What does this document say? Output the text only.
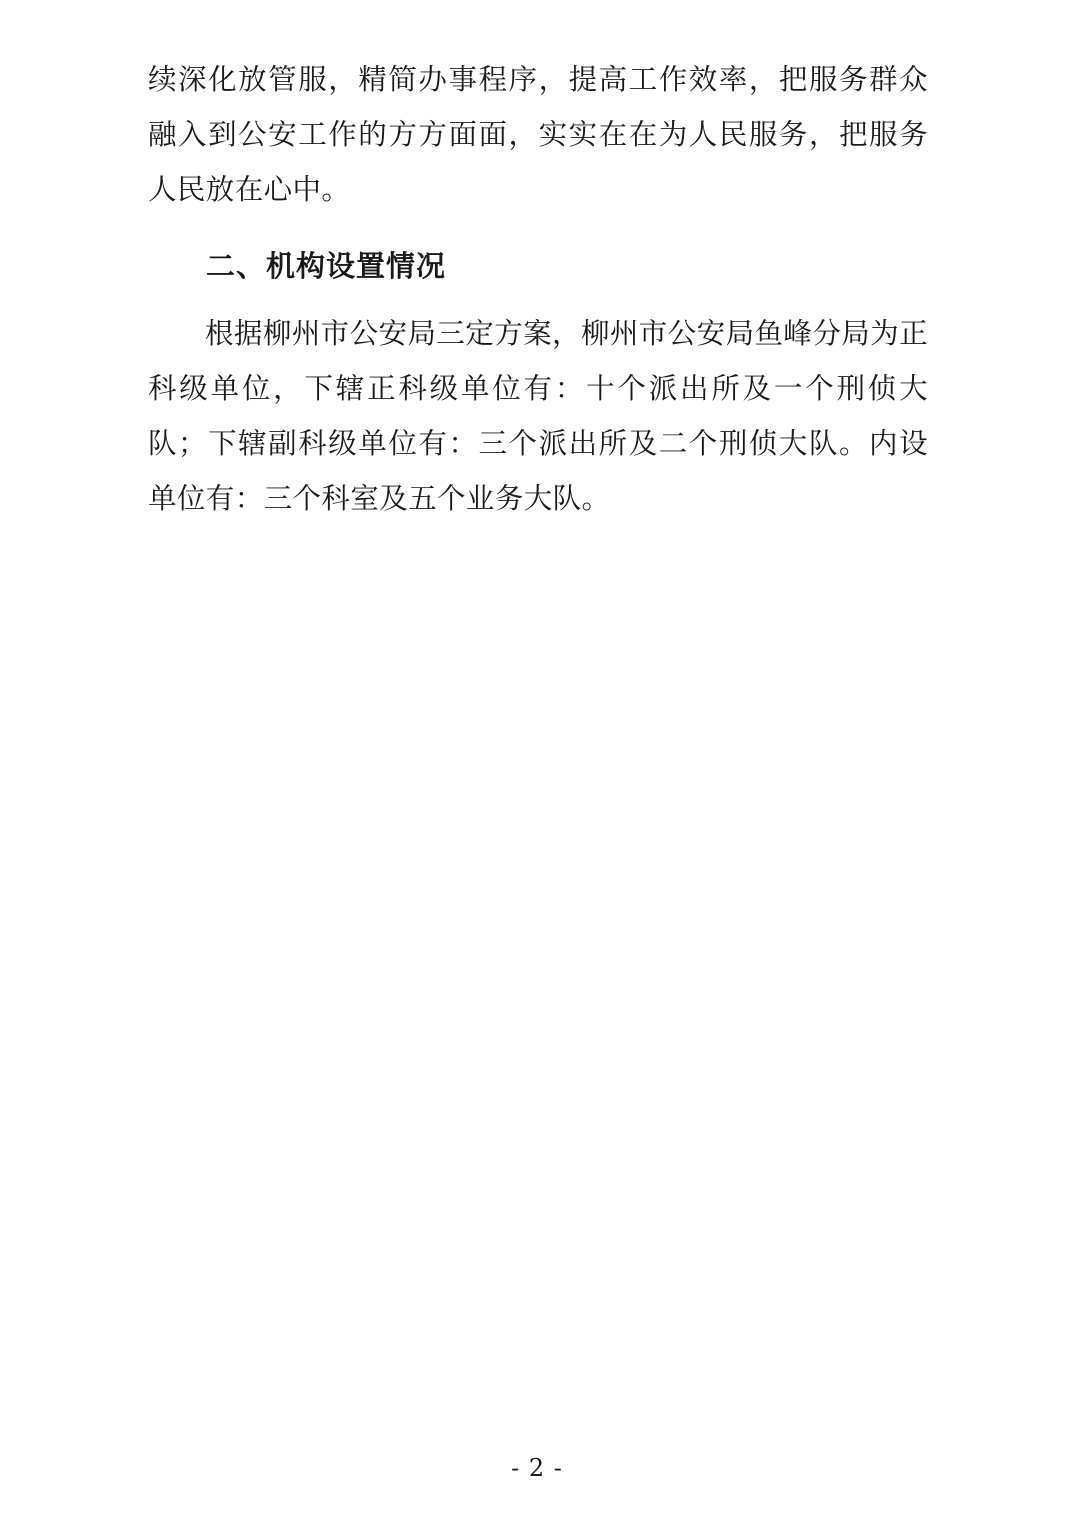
续深化放管服，精简办事程序，提高工作效率，把服务群众融入到公安工作的方方面面，实实在在为人民服务，把服务人民放在心中。

二、机构设置情况

根据柳州市公安局三定方案，柳州市公安局鱼峰分局为正科级单位，下辖正科级单位有：十个派出所及一个刑侦大队；下辖副科级单位有：三个派出所及二个刑侦大队。内设单位有：三个科室及五个业务大队。

- 2 -
